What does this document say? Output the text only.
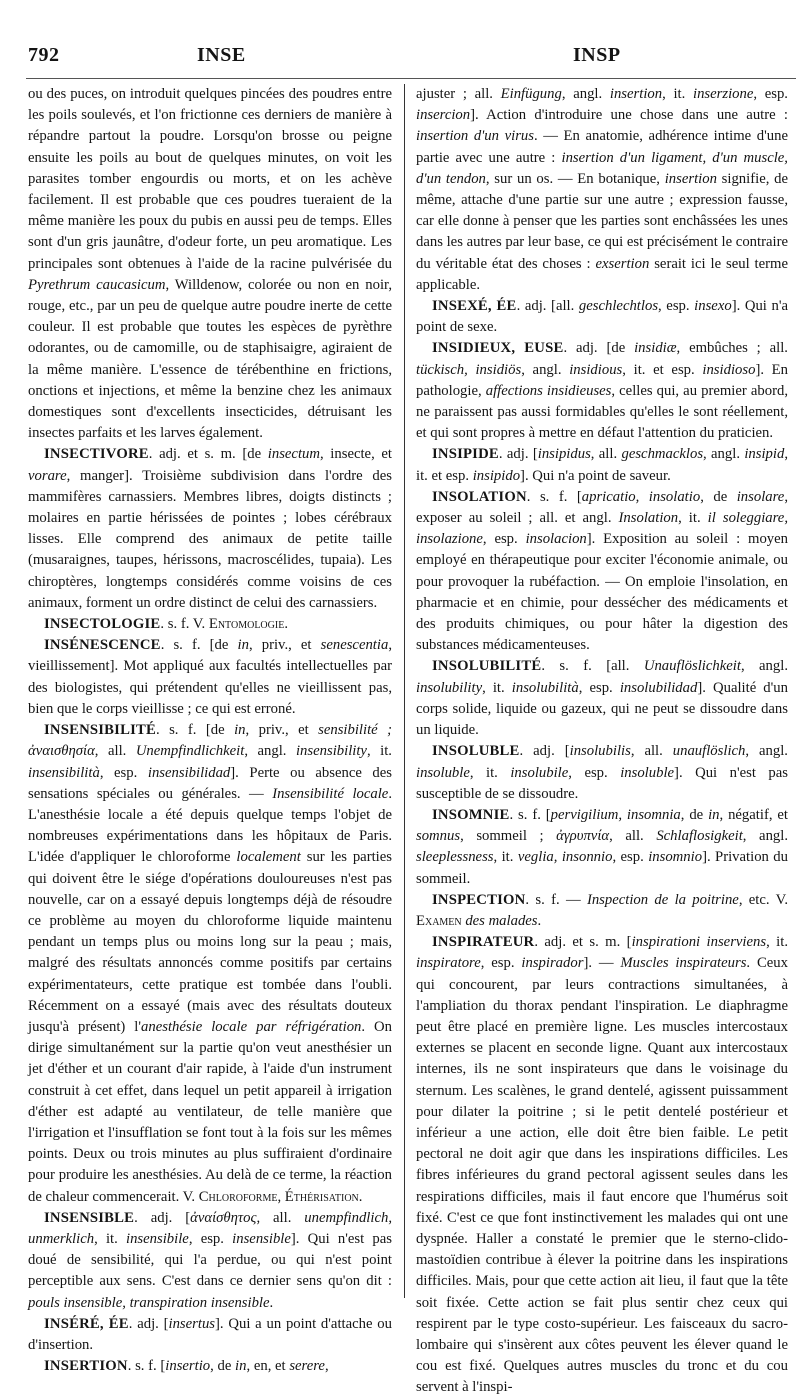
792	INSE	INSP

ou des puces, on introduit quelques pincées des poudres entre les poils soulevés, et l'on frictionne ces derniers de manière à répandre partout la poudre. Lorsqu'on brosse ou peigne ensuite les poils au bout de quelques minutes, on voit les parasites tomber engourdis ou morts, et on les achève facilement. Il est probable que ces poudres tueraient de la même manière les poux du pubis en aussi peu de temps. Elles sont d'un gris jaunâtre, d'odeur forte, un peu aromatique. Les principales sont obtenues à l'aide de la racine pulvérisée du Pyrethrum caucasicum, Willdenow, colorée ou non en noir, rouge, etc., par un peu de quelque autre poudre inerte de cette couleur. Il est probable que toutes les espèces de pyrèthre odorantes, ou de camomille, ou de staphisaigre, agiraient de la même manière. L'essence de térébenthine en frictions, onctions et injections, et même la benzine chez les animaux domestiques sont d'excellents insecticides, détruisant les insectes parfaits et les larves également.

INSECTIVORE. adj. et s. m. [de insectum, insecte, et vorare, manger]. Troisième subdivision dans l'ordre des mammifères carnassiers. Membres libres, doigts distincts ; molaires en partie hérissées de pointes ; lobes cérébraux lisses. Elle comprend des animaux de petite taille (musaraignes, taupes, hérissons, macroscélides, tupaia). Les chiroptères, longtemps considérés comme voisins de ces animaux, forment un ordre distinct de celui des carnassiers.

INSECTOLOGIE. s. f. V. Entomologie.

INSÉNESCENCE. s. f. [de in, priv., et senescentia, vieillissement]. Mot appliqué aux facultés intellectuelles par des biologistes, qui prétendent qu'elles ne vieillissent pas, bien que le corps vieillisse ; ce qui est erroné.

INSENSIBILITÉ. s. f. [de in, priv., et sensibilité ; ἀναισθησία, all. Unempfindlichkeit, angl. insensibility, it. insensibilità, esp. insensibilidad]. Perte ou absence des sensations spéciales ou générales. — Insensibilité locale. L'anesthésie locale a été depuis quelque temps l'objet de nombreuses expérimentations dans les hôpitaux de Paris. L'idée d'appliquer le chloroforme localement sur les parties qui doivent être le siége d'opérations douloureuses n'est pas nouvelle, car on a essayé depuis longtemps déjà de résoudre ce problème au moyen du chloroforme liquide maintenu pendant un temps plus ou moins long sur la peau ; mais, malgré des résultats annoncés comme positifs par certains expérimentateurs, cette pratique est tombée dans l'oubli. Récemment on a essayé (mais avec des résultats douteux jusqu'à présent) l'anesthésie locale par réfrigération. On dirige simultanément sur la partie qu'on veut anesthésier un jet d'éther et un courant d'air rapide, à l'aide d'un instrument construit à cet effet, dans lequel un petit appareil à irrigation d'éther est adapté au ventilateur, de telle manière que l'irrigation et l'insufflation se font tout à la fois sur les mêmes points. Deux ou trois minutes au plus suffiraient d'ordinaire pour produire les anesthésies. Au delà de ce terme, la réaction de chaleur commencerait. V. Chloroforme, Éthérisation.

INSENSIBLE. adj. [ἀναίσθητος, all. unempfindlich, unmerklich, it. insensibile, esp. insensible]. Qui n'est pas doué de sensibilité, qui l'a perdue, ou qui n'est point perceptible aux sens. C'est dans ce dernier sens qu'on dit : pouls insensible, transpiration insensible.

INSÉRÉ, ÉE. adj. [insertus]. Qui a un point d'attache ou d'insertion.

INSERTION. s. f. [insertio, de in, en, et serere,

ajuster ; all. Einfügung, angl. insertion, it. inserzione, esp. insercion]. Action d'introduire une chose dans une autre : insertion d'un virus. — En anatomie, adhérence intime d'une partie avec une autre : insertion d'un ligament, d'un muscle, d'un tendon, sur un os. — En botanique, insertion signifie, de même, attache d'une partie sur une autre ; expression fausse, car elle donne à penser que les parties sont enchâssées les unes dans les autres par leur base, ce qui est précisément le contraire du véritable état des choses : exsertion serait ici le seul terme applicable.

INSEXÉ, ÉE. adj. [all. geschlechtlos, esp. insexo]. Qui n'a point de sexe.

INSIDIEUX, EUSE. adj. [de insidiæ, embûches ; all. tückisch, insidiös, angl. insidious, it. et esp. insidioso]. En pathologie, affections insidieuses, celles qui, au premier abord, ne paraissent pas aussi formidables qu'elles le sont réellement, et qui sont propres à mettre en défaut l'attention du praticien.

INSIPIDE. adj. [insipidus, all. geschmacklos, angl. insipid, it. et esp. insipido]. Qui n'a point de saveur.

INSOLATION. s. f. [apricatio, insolatio, de insolare, exposer au soleil ; all. et angl. Insolation, it. il soleggiare, insolazione, esp. insolacion]. Exposition au soleil : moyen employé en thérapeutique pour exciter l'économie animale, ou pour provoquer la rubéfaction. — On emploie l'insolation, en pharmacie et en chimie, pour dessécher des médicaments et des produits chimiques, ou pour hâter la digestion des substances médicamenteuses.

INSOLUBILITÉ. s. f. [all. Unauflöslichkeit, angl. insolubility, it. insolubilità, esp. insolubilidad]. Qualité d'un corps solide, liquide ou gazeux, qui ne peut se dissoudre dans un liquide.

INSOLUBLE. adj. [insolubilis, all. unauflöslich, angl. insoluble, it. insolubile, esp. insoluble]. Qui n'est pas susceptible de se dissoudre.

INSOMNIE. s. f. [pervigilium, insomnia, de in, négatif, et somnus, sommeil ; ἀγρυπνία, all. Schlaflosigkeit, angl. sleeplessness, it. veglia, insonnio, esp. insomnio]. Privation du sommeil.

INSPECTION. s. f. — Inspection de la poitrine, etc. V. Examen des malades.

INSPIRATEUR. adj. et s. m. [inspirationi inserviens, it. inspiratore, esp. inspirador]. — Muscles inspirateurs. Ceux qui concourent, par leurs contractions simultanées, à l'ampliation du thorax pendant l'inspiration. Le diaphragme peut être placé en première ligne. Les muscles intercostaux externes se placent en seconde ligne. Quant aux intercostaux internes, ils ne sont inspirateurs que dans le voisinage du sternum. Les scalènes, le grand dentelé, agissent puissamment pour dilater la poitrine ; si le petit dentelé postérieur et inférieur a une action, elle doit être bien faible. Le petit pectoral ne doit agir que dans les inspirations difficiles. Les fibres inférieures du grand pectoral agissent seules dans les respirations difficiles, mais il faut encore que l'humérus soit fixé. C'est ce que font instinctivement les malades qui ont une dyspnée. Haller a constaté le premier que le sterno-clido-mastoïdien contribue à élever la poitrine dans les inspirations difficiles. Mais, pour que cette action ait lieu, il faut que la tête soit fixée. Cette action se fait plus sentir chez ceux qui respirent par le type costo-supérieur. Les faisceaux du sacro-lombaire qui s'insèrent aux côtes peuvent les élever quand le cou est fixé. Quelques autres muscles du tronc et du cou servent à l'inspi-
